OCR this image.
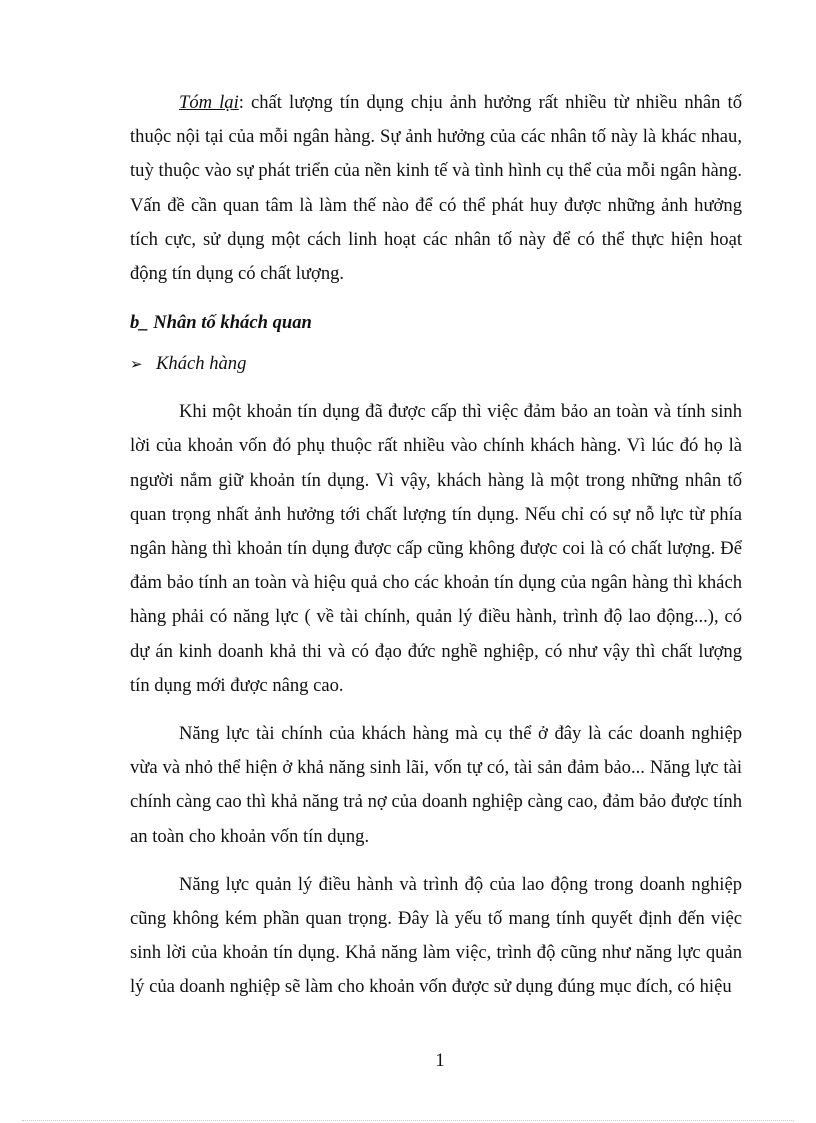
Tóm lại: chất lượng tín dụng chịu ảnh hưởng rất nhiều từ nhiều nhân tố thuộc nội tại của mỗi ngân hàng. Sự ảnh hưởng của các nhân tố này là khác nhau, tuỳ thuộc vào sự phát triển của nền kinh tế và tình hình cụ thể của mỗi ngân hàng. Vấn đề cần quan tâm là làm thế nào để có thể phát huy được những ảnh hưởng tích cực, sử dụng một cách linh hoạt các nhân tố này để có thể thực hiện hoạt động tín dụng có chất lượng.

b_ Nhân tố khách quan
➢ Khách hàng

Khi một khoản tín dụng đã được cấp thì việc đảm bảo an toàn và tính sinh lời của khoản vốn đó phụ thuộc rất nhiều vào chính khách hàng. Vì lúc đó họ là người nắm giữ khoản tín dụng. Vì vậy, khách hàng là một trong những nhân tố quan trọng nhất ảnh hưởng tới chất lượng tín dụng. Nếu chỉ có sự nỗ lực từ phía ngân hàng thì khoản tín dụng được cấp cũng không được coi là có chất lượng. Để đảm bảo tính an toàn và hiệu quả cho các khoản tín dụng của ngân hàng thì khách hàng phải có năng lực ( về tài chính, quản lý điều hành, trình độ lao động...), có dự án kinh doanh khả thi và có đạo đức nghề nghiệp, có như vậy thì chất lượng tín dụng mới được nâng cao.

Năng lực tài chính của khách hàng mà cụ thể ở đây là các doanh nghiệp vừa và nhỏ thể hiện ở khả năng sinh lãi, vốn tự có, tài sản đảm bảo... Năng lực tài chính càng cao thì khả năng trả nợ của doanh nghiệp càng cao, đảm bảo được tính an toàn cho khoản vốn tín dụng.

Năng lực quản lý điều hành và trình độ của lao động trong doanh nghiệp cũng không kém phần quan trọng. Đây là yếu tố mang tính quyết định đến việc sinh lời của khoản tín dụng. Khả năng làm việc, trình độ cũng như năng lực quản lý của doanh nghiệp sẽ làm cho khoản vốn được sử dụng đúng mục đích, có hiệu

1
